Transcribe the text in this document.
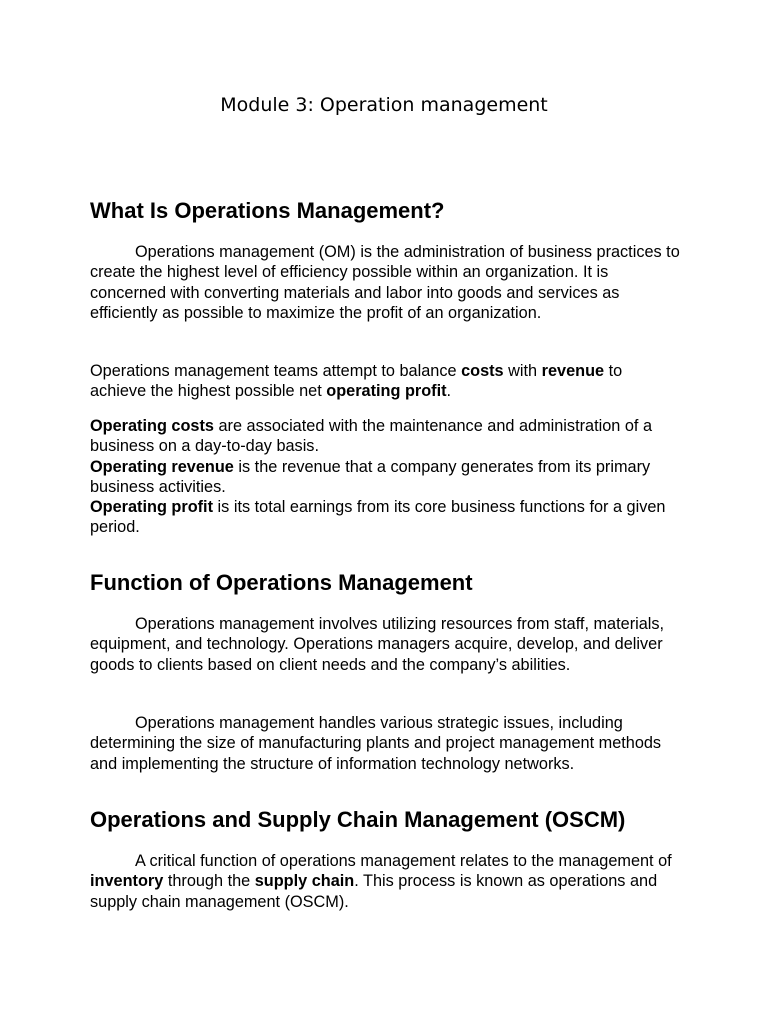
Module 3: Operation management
What Is Operations Management?

Operations management (OM) is the administration of business practices to create the highest level of efficiency possible within an organization. It is concerned with converting materials and labor into goods and services as efficiently as possible to maximize the profit of an organization.

Operations management teams attempt to balance costs with revenue to achieve the highest possible net operating profit.

Operating costs are associated with the maintenance and administration of a business on a day-to-day basis.
Operating revenue is the revenue that a company generates from its primary business activities.
Operating profit is its total earnings from its core business functions for a given period.

Function of Operations Management

Operations management involves utilizing resources from staff, materials, equipment, and technology. Operations managers acquire, develop, and deliver goods to clients based on client needs and the company’s abilities.

Operations management handles various strategic issues, including determining the size of manufacturing plants and project management methods and implementing the structure of information technology networks.

Operations and Supply Chain Management (OSCM)

A critical function of operations management relates to the management of inventory through the supply chain. This process is known as operations and supply chain management (OSCM).
